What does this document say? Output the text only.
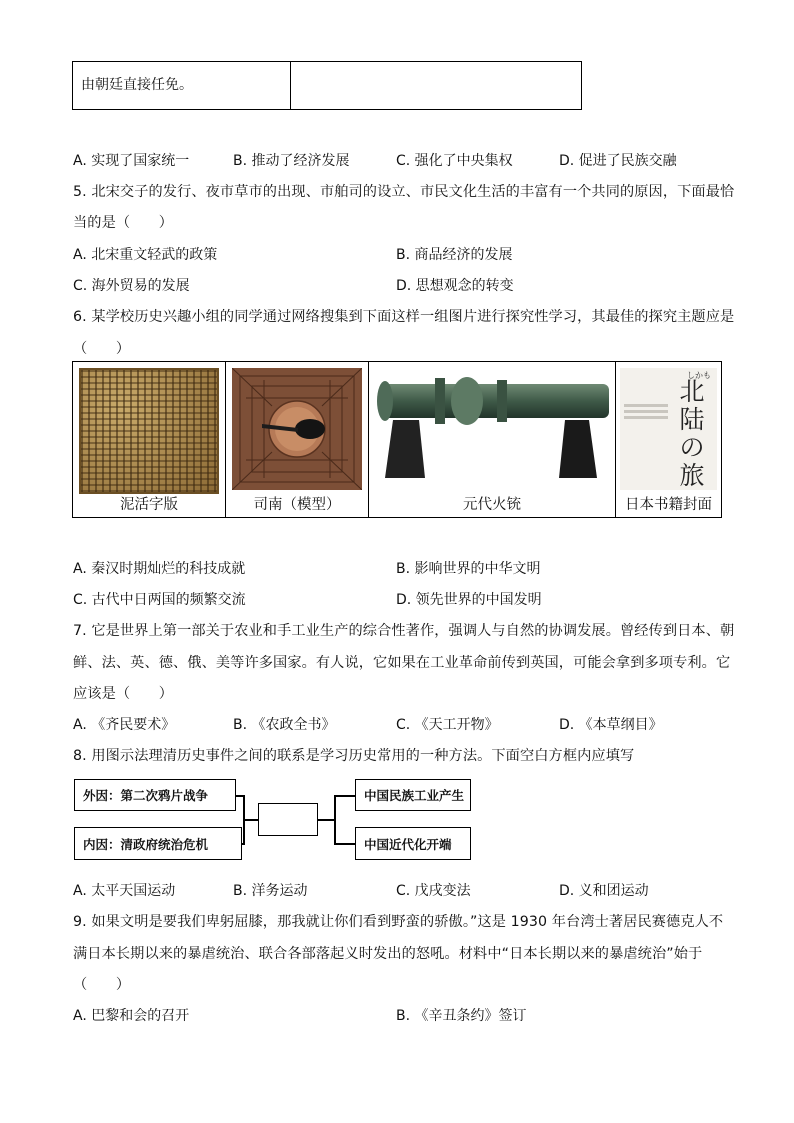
由朝廷直接任免。
A. 实现了国家统一	B. 推动了经济发展	C. 强化了中央集权	D. 促进了民族交融
5. 北宋交子的发行、夜市草市的出现、市舶司的设立、市民文化生活的丰富有一个共同的原因，下面最恰
当的是（　　）
A. 北宋重文轻武的政策	B. 商品经济的发展
C. 海外贸易的发展	D. 思想观念的转变
6. 某学校历史兴趣小组的同学通过网络搜集到下面这样一组图片进行探究性学习，其最佳的探究主题应是
（　　）
泥活字版	司南（模型）	元代火铳
しかも
北陆の旅
日本书籍封面
A. 秦汉时期灿烂的科技成就	B. 影响世界的中华文明
C. 古代中日两国的频繁交流	D. 领先世界的中国发明
7. 它是世界上第一部关于农业和手工业生产的综合性著作，强调人与自然的协调发展。曾经传到日本、朝
鲜、法、英、德、俄、美等许多国家。有人说，它如果在工业革命前传到英国，可能会拿到多项专利。它
应该是（　　）
A. 《齐民要术》	B. 《农政全书》	C. 《天工开物》	D. 《本草纲目》
8. 用图示法理清历史事件之间的联系是学习历史常用的一种方法。下面空白方框内应填写
外因：第二次鸦片战争
内因：清政府统治危机
中国民族工业产生
中国近代化开端
A. 太平天国运动	B. 洋务运动	C. 戊戌变法	D. 义和团运动
9. 如果文明是要我们卑躬屈膝，那我就让你们看到野蛮的骄傲。”这是 1930 年台湾士著居民赛德克人不
满日本长期以来的暴虐统治、联合各部落起义时发出的怒吼。材料中“日本长期以来的暴虐统治”始于
（　　）
A. 巴黎和会的召开	B. 《辛丑条约》签订
